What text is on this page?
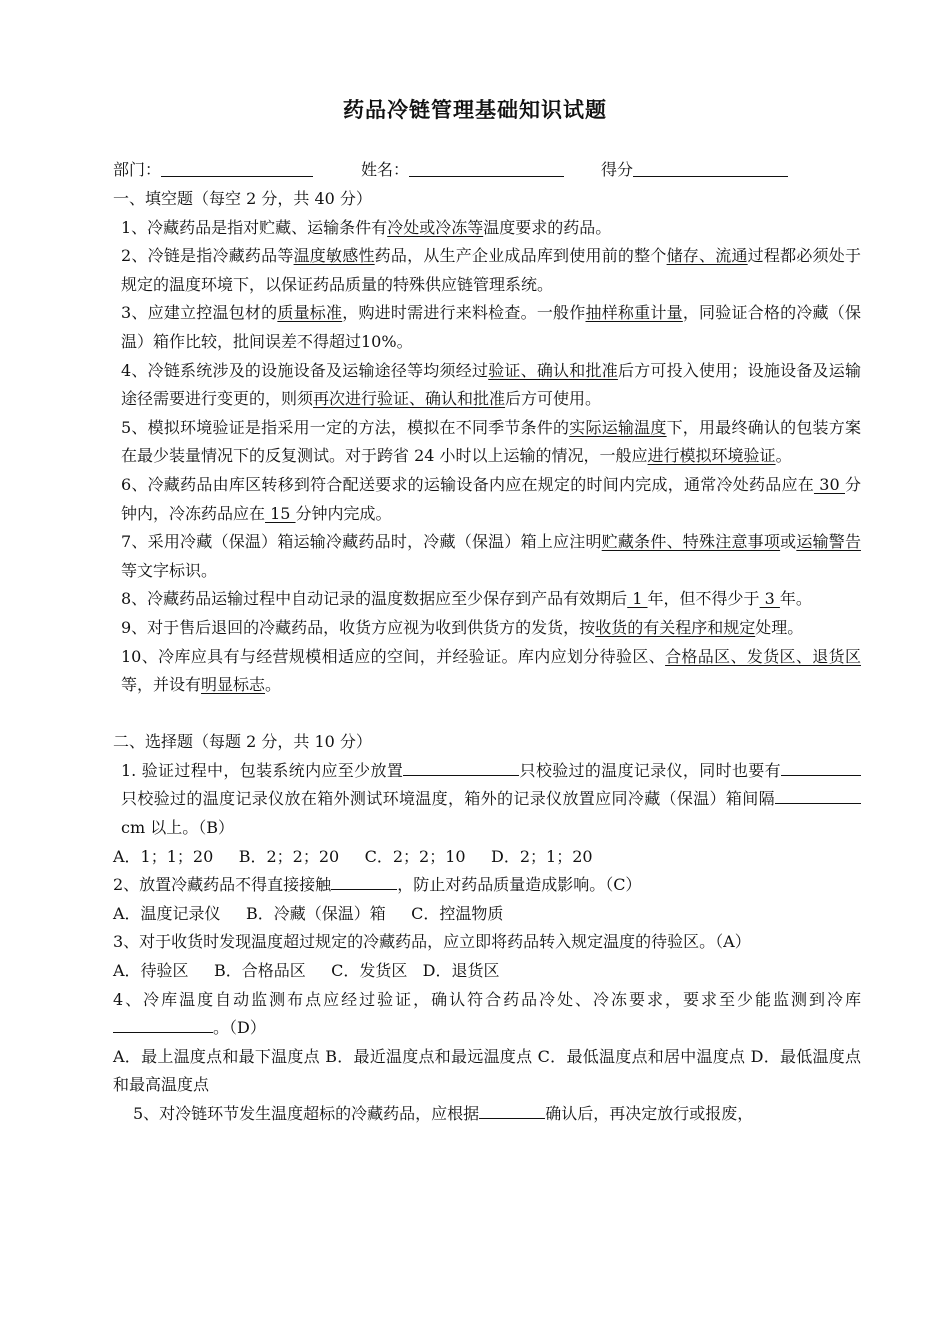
药品冷链管理基础知识试题
部门：	姓名：	得分

一、填空题（每空 2 分，共 40 分）

1、冷藏药品是指对贮藏、运输条件有冷处或冷冻等温度要求的药品。

2、冷链是指冷藏药品等温度敏感性药品，从生产企业成品库到使用前的整个储存、流通过程都必须处于规定的温度环境下，以保证药品质量的特殊供应链管理系统。

3、应建立控温包材的质量标准，购进时需进行来料检查。一般作抽样称重计量，同验证合格的冷藏（保温）箱作比较，批间误差不得超过10%。

4、冷链系统涉及的设施设备及运输途径等均须经过验证、确认和批准后方可投入使用；设施设备及运输途径需要进行变更的，则须再次进行验证、确认和批准后方可使用。

5、模拟环境验证是指采用一定的方法，模拟在不同季节条件的实际运输温度下，用最终确认的包装方案在最少装量情况下的反复测试。对于跨省 24 小时以上运输的情况，一般应进行模拟环境验证。

6、冷藏药品由库区转移到符合配送要求的运输设备内应在规定的时间内完成，通常冷处药品应在 30 分钟内，冷冻药品应在 15 分钟内完成。

7、采用冷藏（保温）箱运输冷藏药品时，冷藏（保温）箱上应注明贮藏条件、特殊注意事项或运输警告等文字标识。

8、冷藏药品运输过程中自动记录的温度数据应至少保存到产品有效期后 1 年，但不得少于 3 年。

9、对于售后退回的冷藏药品，收货方应视为收到供货方的发货，按收货的有关程序和规定处理。

10、冷库应具有与经营规模相适应的空间，并经验证。库内应划分待验区、合格品区、发货区、退货区等，并设有明显标志。

二、选择题（每题 2 分，共 10 分）

1. 验证过程中，包装系统内应至少放置	只校验过的温度记录仪，同时也要有只校验过的温度记录仪放在箱外测试环境温度，箱外的记录仪放置应同冷藏（保温）箱间隔cm 以上。（B）

A．1；1；20     B．2；2；20     C．2；2；10     D．2；1；20

2、放置冷藏药品不得直接接触	，防止对药品质量造成影响。（C）

A．温度记录仪     B．冷藏（保温）箱     C．控温物质

3、对于收货时发现温度超过规定的冷藏药品，应立即将药品转入规定温度的待验区。（A）

A．待验区     B．合格品区     C．发货区   D．退货区

4、冷库温度自动监测布点应经过验证，确认符合药品冷处、冷冻要求，要求至少能监测到冷库。（D）

A．最上温度点和最下温度点 B．最近温度点和最远温度点 C．最低温度点和居中温度点 D．最低温度点和最高温度点

5、对冷链环节发生温度超标的冷藏药品，应根据	确认后，再决定放行或报废，
